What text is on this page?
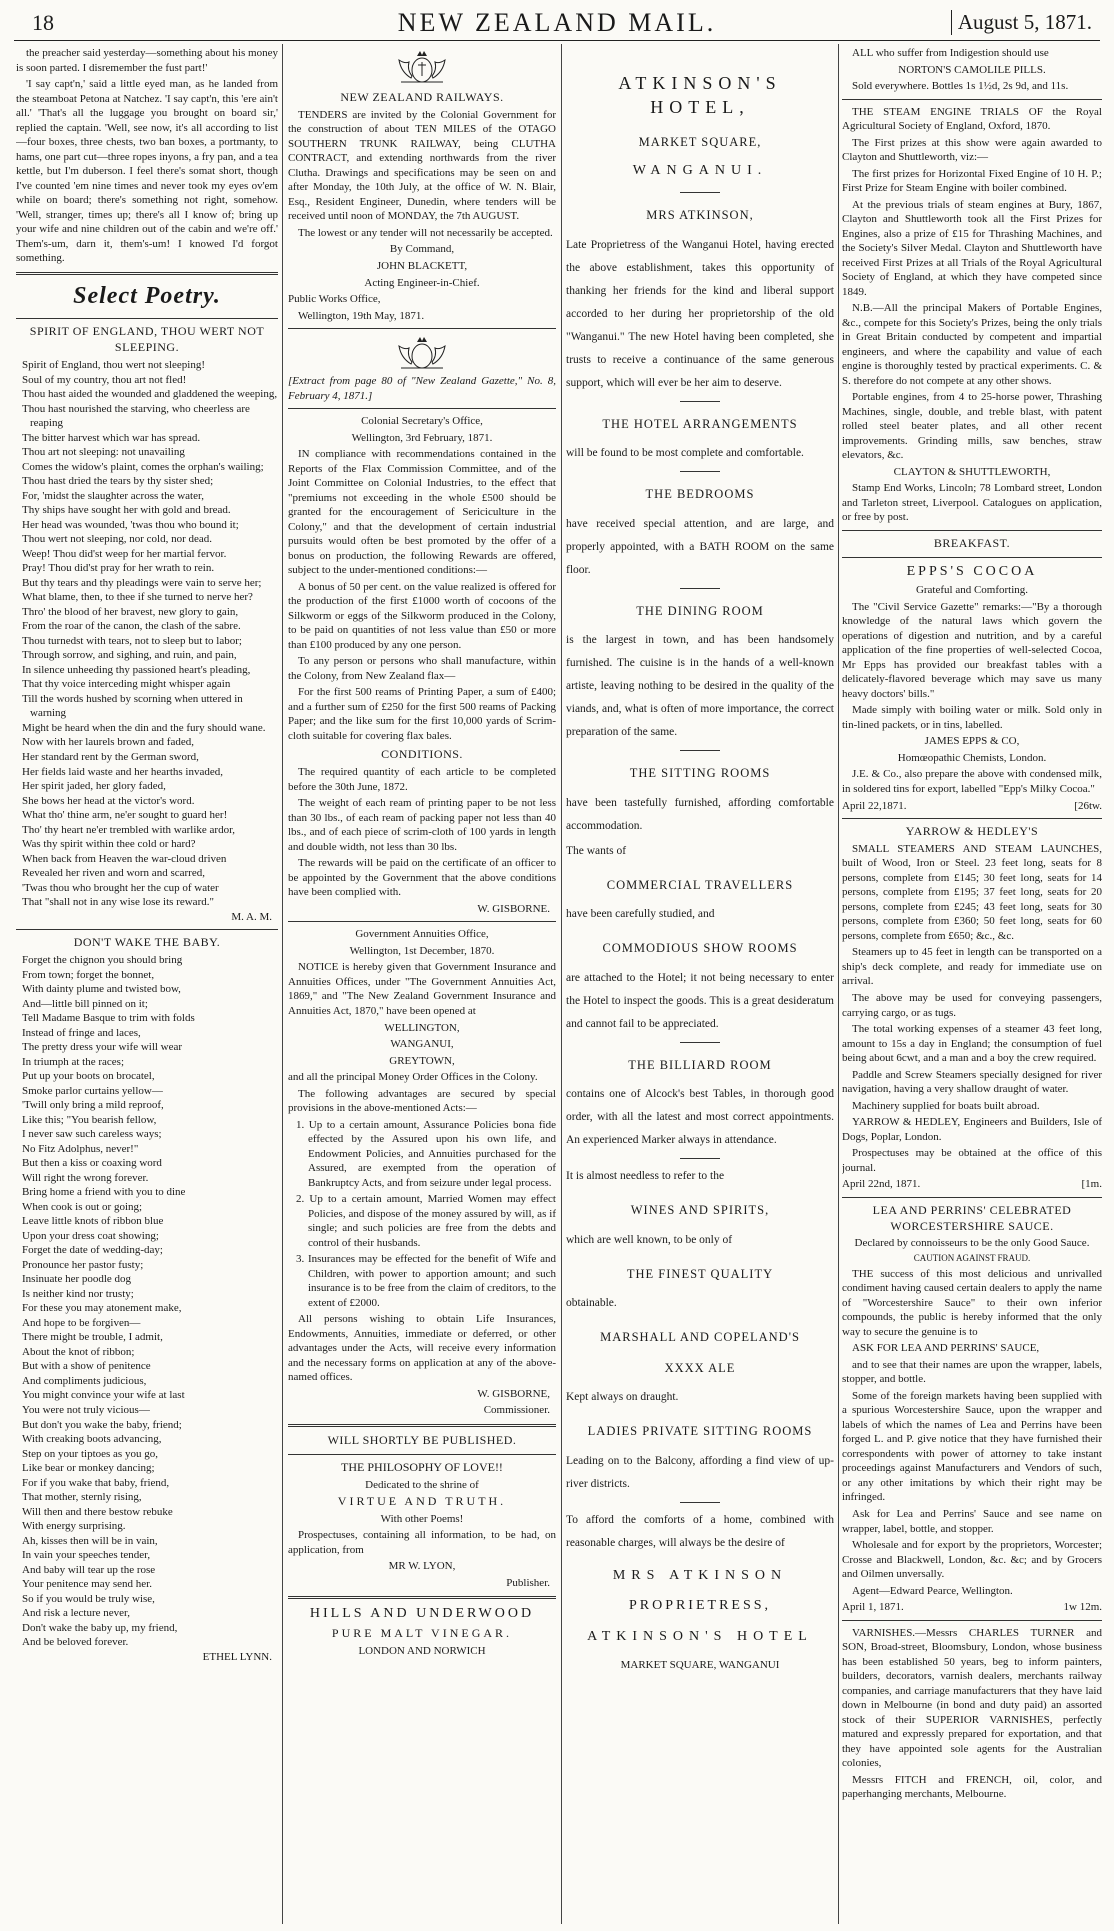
18	NEW ZEALAND MAIL.	August 5, 1871.

the preacher said yesterday—something about his money is soon parted. I disremember the fust part!'

'I say capt'n,' said a little eyed man, as he landed from the steamboat Petona at Natchez. 'I say capt'n, this 'ere ain't all.' 'That's all the luggage you brought on board sir,' replied the captain. 'Well, see now, it's all according to list—four boxes, three chests, two ban boxes, a portmanty, to hams, one part cut—three ropes inyons, a fry pan, and a tea kettle, but I'm duberson. I feel there's somat short, though I've counted 'em nine times and never took my eyes ov'em while on board; there's something not right, somehow. 'Well, stranger, times up; there's all I know of; bring up your wife and nine children out of the cabin and we're off.' Them's-um, darn it, them's-um! I knowed I'd forgot something.

Select Poetry.
SPIRIT OF ENGLAND, THOU WERT NOT SLEEPING.

Spirit of England, thou wert not sleeping!

Soul of my country, thou art not fled!

Thou hast aided the wounded and gladdened the weeping,

Thou hast nourished the starving, who cheerless are reaping

The bitter harvest which war has spread.

Thou art not sleeping: not unavailing

Comes the widow's plaint, comes the orphan's wailing;

Thou hast dried the tears by thy sister shed;

For, 'midst the slaughter across the water,

Thy ships have sought her with gold and bread.

Her head was wounded, 'twas thou who bound it;

Thou wert not sleeping, nor cold, nor dead.

Weep! Thou did'st weep for her martial fervor.

Pray! Thou did'st pray for her wrath to rein.

But thy tears and thy pleadings were vain to serve her;

What blame, then, to thee if she turned to nerve her?

Thro' the blood of her bravest, new glory to gain,

From the roar of the canon, the clash of the sabre.

Thou turnedst with tears, not to sleep but to labor;

Through sorrow, and sighing, and ruin, and pain,

In silence unheeding thy passioned heart's pleading,

That thy voice interceding might whisper again

Till the words hushed by scorning when uttered in warning

Might be heard when the din and the fury should wane.

Now with her laurels brown and faded,

Her standard rent by the German sword,

Her fields laid waste and her hearths invaded,

Her spirit jaded, her glory faded,

She bows her head at the victor's word.

What tho' thine arm, ne'er sought to guard her!

Tho' thy heart ne'er trembled with warlike ardor,

Was thy spirit within thee cold or hard?

When back from Heaven the war-cloud driven

Revealed her riven and worn and scarred,

'Twas thou who brought her the cup of water

That "shall not in any wise lose its reward."

M. A. M.

DON'T WAKE THE BABY.

Forget the chignon you should bring

From town; forget the bonnet,

With dainty plume and twisted bow,

And—little bill pinned on it;

Tell Madame Basque to trim with folds

Instead of fringe and laces,

The pretty dress your wife will wear

In triumph at the races;

Put up your boots on brocatel,

Smoke parlor curtains yellow—

'Twill only bring a mild reproof,

Like this; "You bearish fellow,

I never saw such careless ways;

No Fitz Adolphus, never!"

But then a kiss or coaxing word

Will right the wrong forever.

Bring home a friend with you to dine

When cook is out or going;

Leave little knots of ribbon blue

Upon your dress coat showing;

Forget the date of wedding-day;

Pronounce her pastor fusty;

Insinuate her poodle dog

Is neither kind nor trusty;

For these you may atonement make,

And hope to be forgiven—

There might be trouble, I admit,

About the knot of ribbon;

But with a show of penitence

And compliments judicious,

You might convince your wife at last

You were not truly vicious—

But don't you wake the baby, friend;

With creaking boots advancing,

Step on your tiptoes as you go,

Like bear or monkey dancing;

For if you wake that baby, friend,

That mother, sternly rising,

Will then and there bestow rebuke

With energy surprising.

Ah, kisses then will be in vain,

In vain your speeches tender,

And baby will tear up the rose

Your penitence may send her.

So if you would be truly wise,

And risk a lecture never,

Don't wake the baby up, my friend,

And be beloved forever.

ETHEL LYNN.

NEW ZEALAND RAILWAYS.

TENDERS are invited by the Colonial Government for the construction of about TEN MILES of the OTAGO SOUTHERN TRUNK RAILWAY, being CLUTHA CONTRACT, and extending northwards from the river Clutha. Drawings and specifications may be seen on and after Monday, the 10th July, at the office of W. N. Blair, Esq., Resident Engineer, Dunedin, where tenders will be received until noon of MONDAY, the 7th AUGUST.

The lowest or any tender will not necessarily be accepted.

By Command,

JOHN BLACKETT,

Acting Engineer-in-Chief.

Public Works Office,

Wellington, 19th May, 1871.

[Extract from page 80 of "New Zealand Gazette," No. 8, February 4, 1871.]

Colonial Secretary's Office,

Wellington, 3rd February, 1871.

IN compliance with recommendations contained in the Reports of the Flax Commission Committee, and of the Joint Committee on Colonial Industries, to the effect that "premiums not exceeding in the whole £500 should be granted for the encouragement of Sericiculture in the Colony," and that the development of certain industrial pursuits would often be best promoted by the offer of a bonus on production, the following Rewards are offered, subject to the under-mentioned conditions:—

A bonus of 50 per cent. on the value realized is offered for the production of the first £1000 worth of cocoons of the Silkworm or eggs of the Silkworm produced in the Colony, to be paid on quantities of not less value than £50 or more than £100 produced by any one person.

To any person or persons who shall manufacture, within the Colony, from New Zealand flax—

For the first 500 reams of Printing Paper, a sum of £400; and a further sum of £250 for the first 500 reams of Packing Paper; and the like sum for the first 10,000 yards of Scrim-cloth suitable for covering flax bales.

CONDITIONS.

The required quantity of each article to be completed before the 30th June, 1872.

The weight of each ream of printing paper to be not less than 30 lbs., of each ream of packing paper not less than 40 lbs., and of each piece of scrim-cloth of 100 yards in length and double width, not less than 30 lbs.

The rewards will be paid on the certificate of an officer to be appointed by the Government that the above conditions have been complied with.

W. GISBORNE.

Government Annuities Office,

Wellington, 1st December, 1870.

NOTICE is hereby given that Government Insurance and Annuities Offices, under "The Government Annuities Act, 1869," and "The New Zealand Government Insurance and Annuities Act, 1870," have been opened at

WELLINGTON,

WANGANUI,

GREYTOWN,

and all the principal Money Order Offices in the Colony.

The following advantages are secured by special provisions in the above-mentioned Acts:—

1. Up to a certain amount, Assurance Policies bona fide effected by the Assured upon his own life, and Endowment Policies, and Annuities purchased for the Assured, are exempted from the operation of Bankruptcy Acts, and from seizure under legal process.

2. Up to a certain amount, Married Women may effect Policies, and dispose of the money assured by will, as if single; and such policies are free from the debts and control of their husbands.

3. Insurances may be effected for the benefit of Wife and Children, with power to apportion amount; and such insurance is to be free from the claim of creditors, to the extent of £2000.

All persons wishing to obtain Life Insurances, Endowments, Annuities, immediate or deferred, or other advantages under the Acts, will receive every information and the necessary forms on application at any of the above-named offices.

W. GISBORNE,

Commissioner.

WILL SHORTLY BE PUBLISHED.

THE PHILOSOPHY OF LOVE!!

Dedicated to the shrine of

VIRTUE AND TRUTH.

With other Poems!

Prospectuses, containing all information, to be had, on application, from

MR W. LYON,

Publisher.

HILLS AND UNDERWOOD

PURE MALT VINEGAR.

LONDON AND NORWICH

ATKINSON'S HOTEL,
MARKET SQUARE,
WANGANUI.
MRS ATKINSON,

Late Proprietress of the Wanganui Hotel, having erected the above establishment, takes this opportunity of thanking her friends for the kind and liberal support accorded to her during her proprietorship of the old "Wanganui." The new Hotel having been completed, she trusts to receive a continuance of the same generous support, which will ever be her aim to deserve.

THE HOTEL ARRANGEMENTS

will be found to be most complete and comfortable.

THE BEDROOMS

have received special attention, and are large, and properly appointed, with a BATH ROOM on the same floor.

THE DINING ROOM

is the largest in town, and has been handsomely furnished. The cuisine is in the hands of a well-known artiste, leaving nothing to be desired in the quality of the viands, and, what is often of more importance, the correct preparation of the same.

THE SITTING ROOMS

have been tastefully furnished, affording comfortable accommodation.

The wants of

COMMERCIAL TRAVELLERS

have been carefully studied, and

COMMODIOUS SHOW ROOMS

are attached to the Hotel; it not being necessary to enter the Hotel to inspect the goods. This is a great desideratum and cannot fail to be appreciated.

THE BILLIARD ROOM

contains one of Alcock's best Tables, in thorough good order, with all the latest and most correct appointments. An experienced Marker always in attendance.

It is almost needless to refer to the

WINES AND SPIRITS,

which are well known, to be only of

THE FINEST QUALITY

obtainable.

MARSHALL AND COPELAND'S
XXXX ALE

Kept always on draught.

LADIES PRIVATE SITTING ROOMS

Leading on to the Balcony, affording a find view of up-river districts.

To afford the comforts of a home, combined with reasonable charges, will always be the desire of

MRS ATKINSON
PROPRIETRESS,
ATKINSON'S HOTEL

MARKET SQUARE, WANGANUI

ALL who suffer from Indigestion should use

NORTON'S CAMOLILE PILLS.

Sold everywhere. Bottles 1s 1½d, 2s 9d, and 11s.

THE STEAM ENGINE TRIALS OF the Royal Agricultural Society of England, Oxford, 1870.

The First prizes at this show were again awarded to Clayton and Shuttleworth, viz:—

The first prizes for Horizontal Fixed Engine of 10 H. P.; First Prize for Steam Engine with boiler combined.

At the previous trials of steam engines at Bury, 1867, Clayton and Shuttleworth took all the First Prizes for Engines, also a prize of £15 for Thrashing Machines, and the Society's Silver Medal. Clayton and Shuttleworth have received First Prizes at all Trials of the Royal Agricultural Society of England, at which they have competed since 1849.

N.B.—All the principal Makers of Portable Engines, &c., compete for this Society's Prizes, being the only trials in Great Britain conducted by competent and impartial engineers, and where the capability and value of each engine is thoroughly tested by practical experiments. C. & S. therefore do not compete at any other shows.

Portable engines, from 4 to 25-horse power, Thrashing Machines, single, double, and treble blast, with patent rolled steel beater plates, and all other recent improvements. Grinding mills, saw benches, straw elevators, &c.

CLAYTON & SHUTTLEWORTH,

Stamp End Works, Lincoln; 78 Lombard street, London and Tarleton street, Liverpool. Catalogues on application, or free by post.

BREAKFAST.

EPPS'S COCOA

Grateful and Comforting.

The "Civil Service Gazette" remarks:—"By a thorough knowledge of the natural laws which govern the operations of digestion and nutrition, and by a careful application of the fine properties of well-selected Cocoa, Mr Epps has provided our breakfast tables with a delicately-flavored beverage which may save us many heavy doctors' bills."

Made simply with boiling water or milk. Sold only in tin-lined packets, or in tins, labelled.

JAMES EPPS & CO,

Homœopathic Chemists, London.

J.E. & Co., also prepare the above with condensed milk, in soldered tins for export, labelled "Epp's Milky Cocoa."

April 22,1871.	[26tw.

YARROW & HEDLEY'S

SMALL STEAMERS AND STEAM LAUNCHES, built of Wood, Iron or Steel. 23 feet long, seats for 8 persons, complete from £145; 30 feet long, seats for 14 persons, complete from £195; 37 feet long, seats for 20 persons, complete from £245; 43 feet long, seats for 30 persons, complete from £360; 50 feet long, seats for 60 persons, complete from £650; &c., &c.

Steamers up to 45 feet in length can be transported on a ship's deck complete, and ready for immediate use on arrival.

The above may be used for conveying passengers, carrying cargo, or as tugs.

The total working expenses of a steamer 43 feet long, amount to 15s a day in England; the consumption of fuel being about 6cwt, and a man and a boy the crew required.

Paddle and Screw Steamers specially designed for river navigation, having a very shallow draught of water.

Machinery supplied for boats built abroad.

YARROW & HEDLEY, Engineers and Builders, Isle of Dogs, Poplar, London.

Prospectuses may be obtained at the office of this journal.

April 22nd, 1871.	[1m.

LEA AND PERRINS' CELEBRATED WORCESTERSHIRE SAUCE.

Declared by connoisseurs to be the only Good Sauce.

CAUTION AGAINST FRAUD.

THE success of this most delicious and unrivalled condiment having caused certain dealers to apply the name of "Worcestershire Sauce" to their own inferior compounds, the public is hereby informed that the only way to secure the genuine is to

ASK FOR LEA AND PERRINS' SAUCE,

and to see that their names are upon the wrapper, labels, stopper, and bottle.

Some of the foreign markets having been supplied with a spurious Worcestershire Sauce, upon the wrapper and labels of which the names of Lea and Perrins have been forged L. and P. give notice that they have furnished their correspondents with power of attorney to take instant proceedings against Manufacturers and Vendors of such, or any other imitations by which their right may be infringed.

Ask for Lea and Perrins' Sauce and see name on wrapper, label, bottle, and stopper.

Wholesale and for export by the proprietors, Worcester; Crosse and Blackwell, London, &c. &c; and by Grocers and Oilmen unversally.

Agent—Edward Pearce, Wellington.

April 1, 1871.	1w 12m.

VARNISHES.—Messrs CHARLES TURNER and SON, Broad-street, Bloomsbury, London, whose business has been established 50 years, beg to inform painters, builders, decorators, varnish dealers, merchants railway companies, and carriage manufacturers that they have laid down in Melbourne (in bond and duty paid) an assorted stock of their SUPERIOR VARNISHES, perfectly matured and expressly prepared for exportation, and that they have appointed sole agents for the Australian colonies,

Messrs FITCH and FRENCH, oil, color, and paperhanging merchants, Melbourne.
